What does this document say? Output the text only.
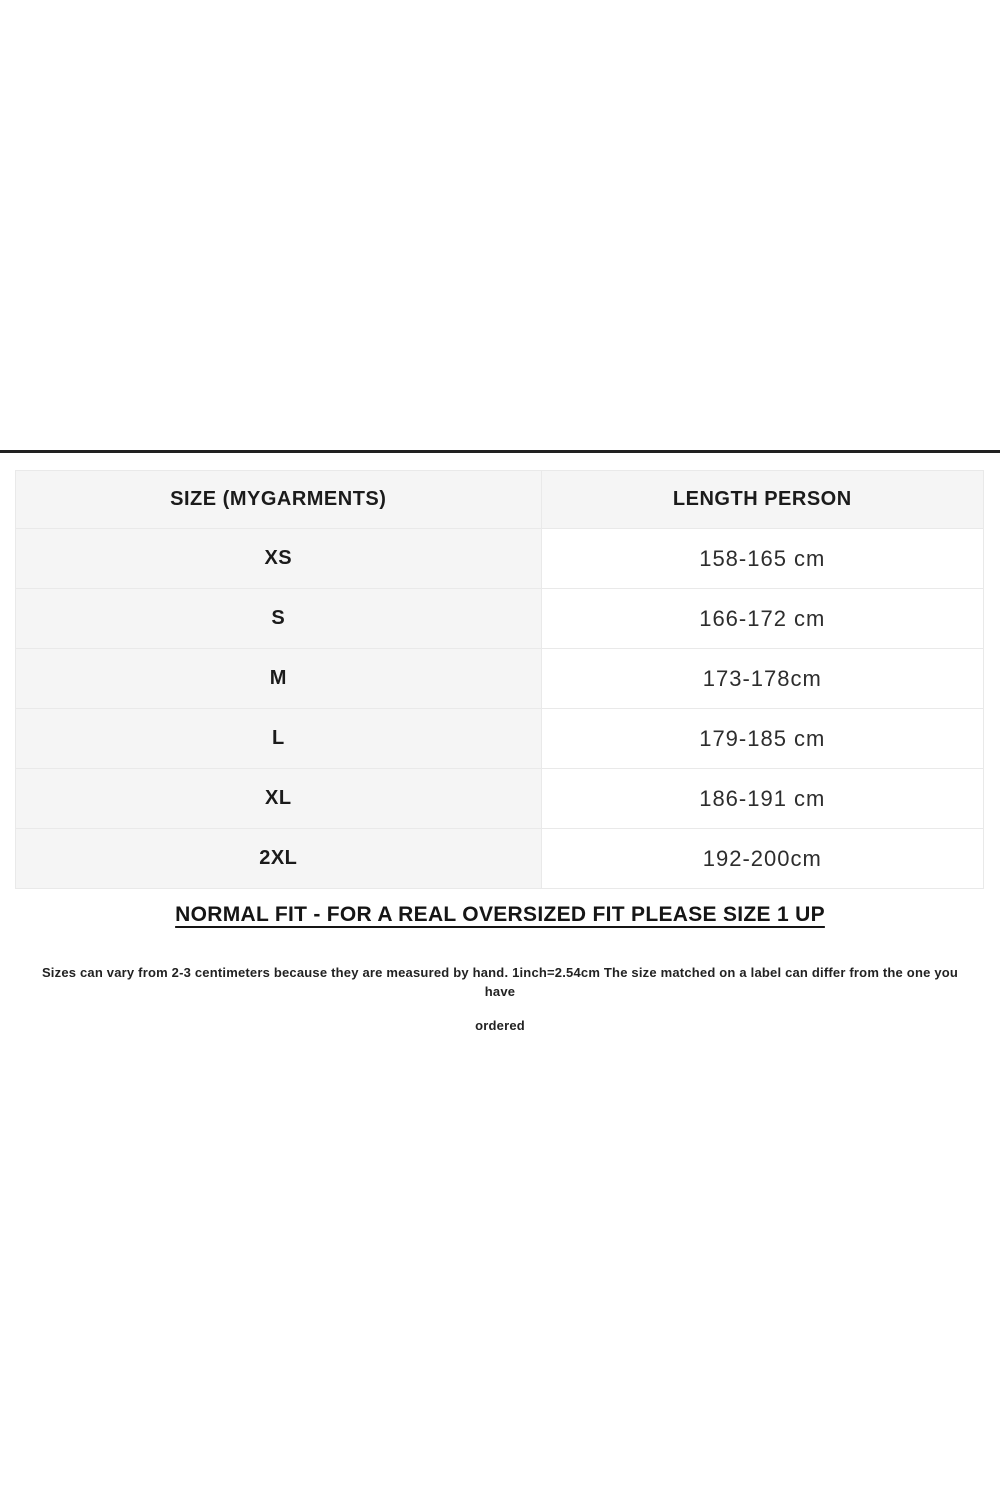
SIZE (MYGARMENTS)	LENGTH PERSON
XS	158-165 cm
S	166-172 cm
M	173-178cm
L	179-185 cm
XL	186-191 cm
2XL	192-200cm
NORMAL FIT - FOR A REAL OVERSIZED FIT PLEASE SIZE 1 UP
Sizes can vary from 2-3 centimeters because they are measured by hand. 1inch=2.54cm The size matched on a label can differ from the one you have
ordered
